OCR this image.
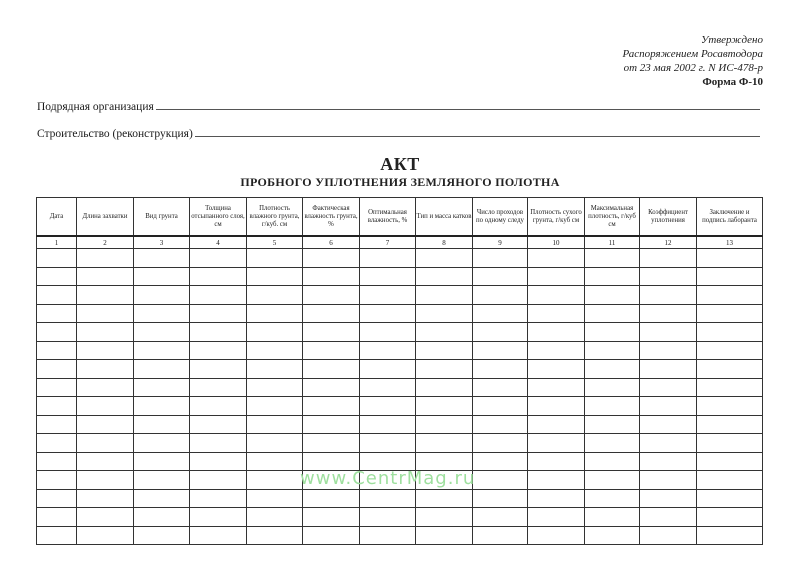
Утверждено
Распоряжением Росавтодора
от 23 мая 2002 г. N ИС-478-р
Форма Ф-10
Подрядная организация
Строительство (реконструкция)
АКТ
ПРОБНОГО УПЛОТНЕНИЯ ЗЕМЛЯНОГО ПОЛОТНА
Дата	Длина захватки	Вид грунта	Толщина отсыпанного слоя, см	Плотность влажного грунта, г/куб. см	Фактическая влажность грунта, %	Оптимальная влажность, %	Тип и масса катков	Число проходов по одному следу	Плотность сухого грунта, г/куб см	Максимальная плотность, г/куб см	Коэффициент уплотнения	Заключение и подпись лаборанта
1	2	3	4	5	6	7	8	9	10	11	12	13

www.CentrMag.ru
